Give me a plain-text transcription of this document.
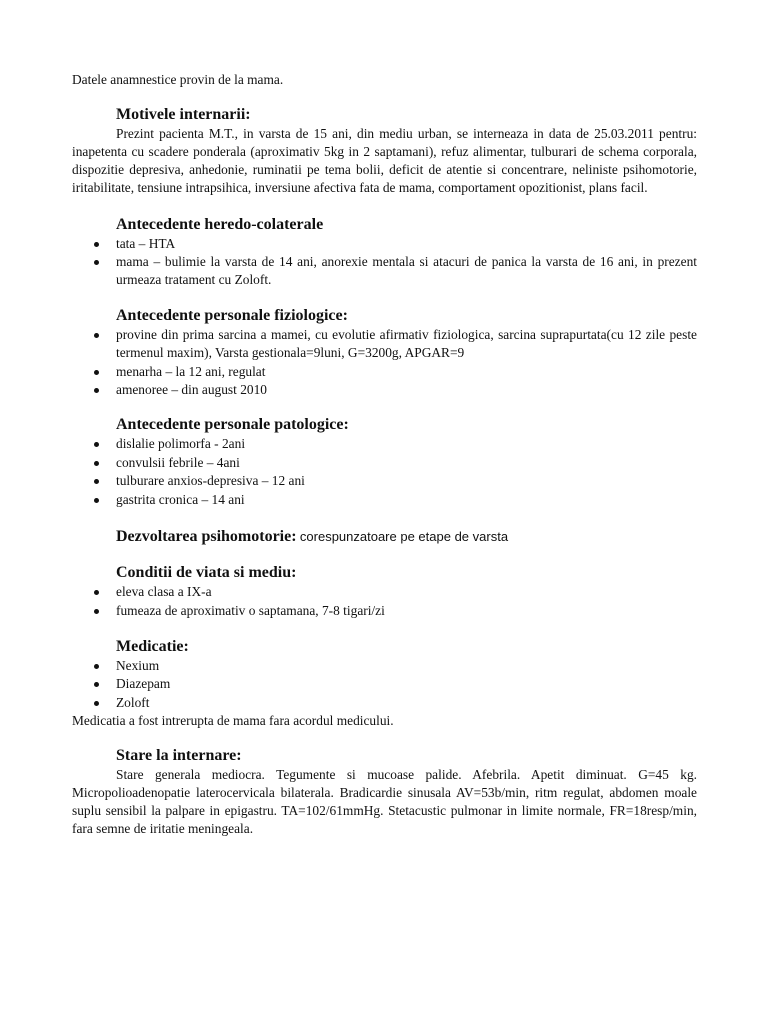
Datele anamnestice provin de la mama.

Motivele internarii:

Prezint pacienta M.T., in varsta de 15 ani, din mediu urban, se interneaza in data de 25.03.2011 pentru: inapetenta cu scadere ponderala (aproximativ 5kg in 2 saptamani), refuz alimentar, tulburari de schema corporala, dispozitie depresiva, anhedonie, ruminatii pe tema bolii, deficit de atentie si concentrare, neliniste psihomotorie, iritabilitate, tensiune intrapsihica, inversiune afectiva fata de mama, comportament opozitionist, plans facil.

Antecedente heredo-colaterale
tata – HTA
mama – bulimie la varsta de 14 ani, anorexie mentala si atacuri de panica la varsta de 16 ani, in prezent urmeaza tratament cu Zoloft.
Antecedente personale fiziologice:
provine din prima sarcina a mamei, cu evolutie afirmativ fiziologica, sarcina suprapurtata(cu 12 zile peste termenul maxim), Varsta gestionala=9luni, G=3200g, APGAR=9
menarha – la 12 ani, regulat
amenoree – din august 2010
Antecedente personale patologice:
dislalie polimorfa - 2ani
convulsii febrile – 4ani
tulburare anxios-depresiva – 12 ani
gastrita cronica – 14 ani
Dezvoltarea psihomotorie: corespunzatoare pe etape de varsta
Conditii de viata si mediu:
eleva clasa a IX-a
fumeaza de aproximativ o saptamana, 7-8 tigari/zi
Medicatie:
Nexium
Diazepam
Zoloft

Medicatia a fost intrerupta de mama fara acordul medicului.

Stare la internare:

Stare generala mediocra. Tegumente si mucoase palide. Afebrila. Apetit diminuat. G=45 kg. Micropolioadenopatie laterocervicala bilaterala. Bradicardie sinusala AV=53b/min, ritm regulat, abdomen moale suplu sensibil la palpare in epigastru. TA=102/61mmHg. Stetacustic pulmonar in limite normale, FR=18resp/min, fara semne de iritatie meningeala.
